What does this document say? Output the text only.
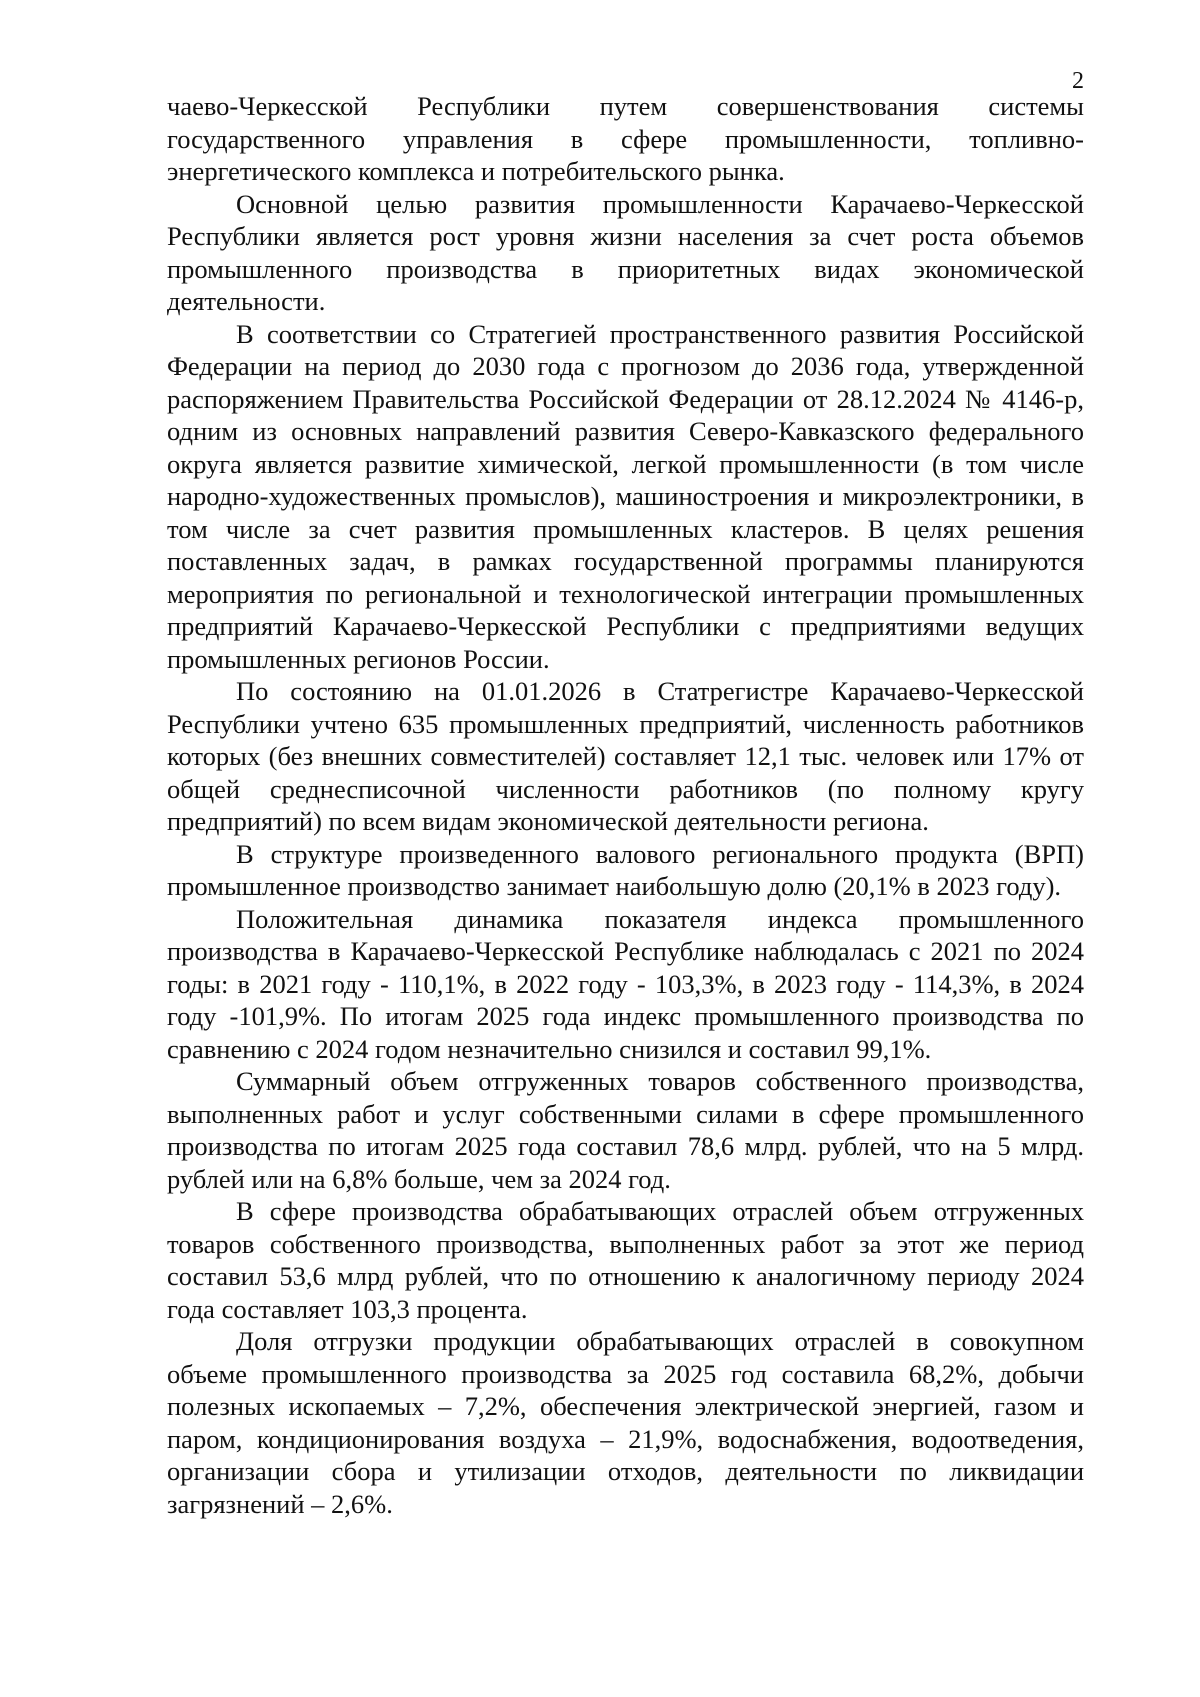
2

чаево-Черкесской Республики путем совершенствования системы государственного управления в сфере промышленности, топливно-энергетического комплекса и потребительского рынка.

Основной целью развития промышленности Карачаево-Черкесской Республики является рост уровня жизни населения за счет роста объемов промышленного производства в приоритетных видах экономической деятельности.

В соответствии со Стратегией пространственного развития Российской Федерации на период до 2030 года с прогнозом до 2036 года, утвержденной распоряжением Правительства Российской Федерации от 28.12.2024 № 4146-р, одним из основных направлений развития Северо-Кавказского федерального округа является развитие химической, легкой промышленности (в том числе народно-художественных промыслов), машиностроения и микроэлектроники, в том числе за счет развития промышленных кластеров. В целях решения поставленных задач, в рамках государственной программы планируются мероприятия по региональной и технологической интеграции промышленных предприятий Карачаево-Черкесской Республики с предприятиями ведущих промышленных регионов России.

По состоянию на 01.01.2026 в Статрегистре Карачаево-Черкесской Республики учтено 635 промышленных предприятий, численность работников которых (без внешних совместителей) составляет 12,1 тыс. человек или 17% от общей среднесписочной численности работников (по полному кругу предприятий) по всем видам экономической деятельности региона.

В структуре произведенного валового регионального продукта (ВРП) промышленное производство занимает наибольшую долю (20,1% в 2023 году).

Положительная динамика показателя индекса промышленного производства в Карачаево-Черкесской Республике наблюдалась с 2021 по 2024 годы: в 2021 году - 110,1%, в 2022 году - 103,3%, в 2023 году - 114,3%, в 2024 году -101,9%. По итогам 2025 года индекс промышленного производства по сравнению с 2024 годом незначительно снизился и составил 99,1%.

Суммарный объем отгруженных товаров собственного производства, выполненных работ и услуг собственными силами в сфере промышленного производства по итогам 2025 года составил 78,6 млрд. рублей, что на 5 млрд. рублей или на 6,8% больше, чем за 2024 год.

В сфере производства обрабатывающих отраслей объем отгруженных товаров собственного производства, выполненных работ за этот же период составил 53,6 млрд рублей, что по отношению к аналогичному периоду 2024 года составляет 103,3 процента.

Доля отгрузки продукции обрабатывающих отраслей в совокупном объеме промышленного производства за 2025 год составила 68,2%, добычи полезных ископаемых – 7,2%, обеспечения электрической энергией, газом и паром, кондиционирования воздуха – 21,9%, водоснабжения, водоотведения, организации сбора и утилизации отходов, деятельности по ликвидации загрязнений – 2,6%.
